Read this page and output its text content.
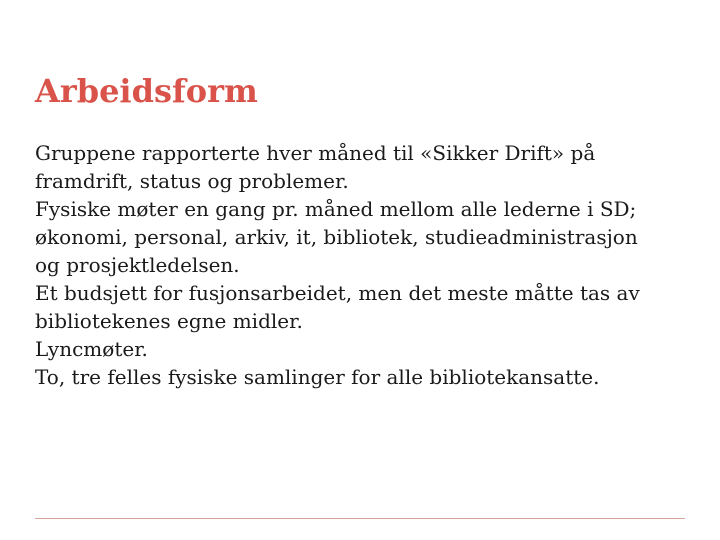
Arbeidsform
Gruppene rapporterte hver måned til «Sikker Drift» på
framdrift, status og problemer.
Fysiske møter en gang pr. måned mellom alle lederne i SD;
økonomi, personal, arkiv, it, bibliotek, studieadministrasjon
og prosjektledelsen.
Et budsjett for fusjonsarbeidet, men det meste måtte tas av
bibliotekenes egne midler.
Lyncmøter.
To, tre felles fysiske samlinger for alle bibliotekansatte.
